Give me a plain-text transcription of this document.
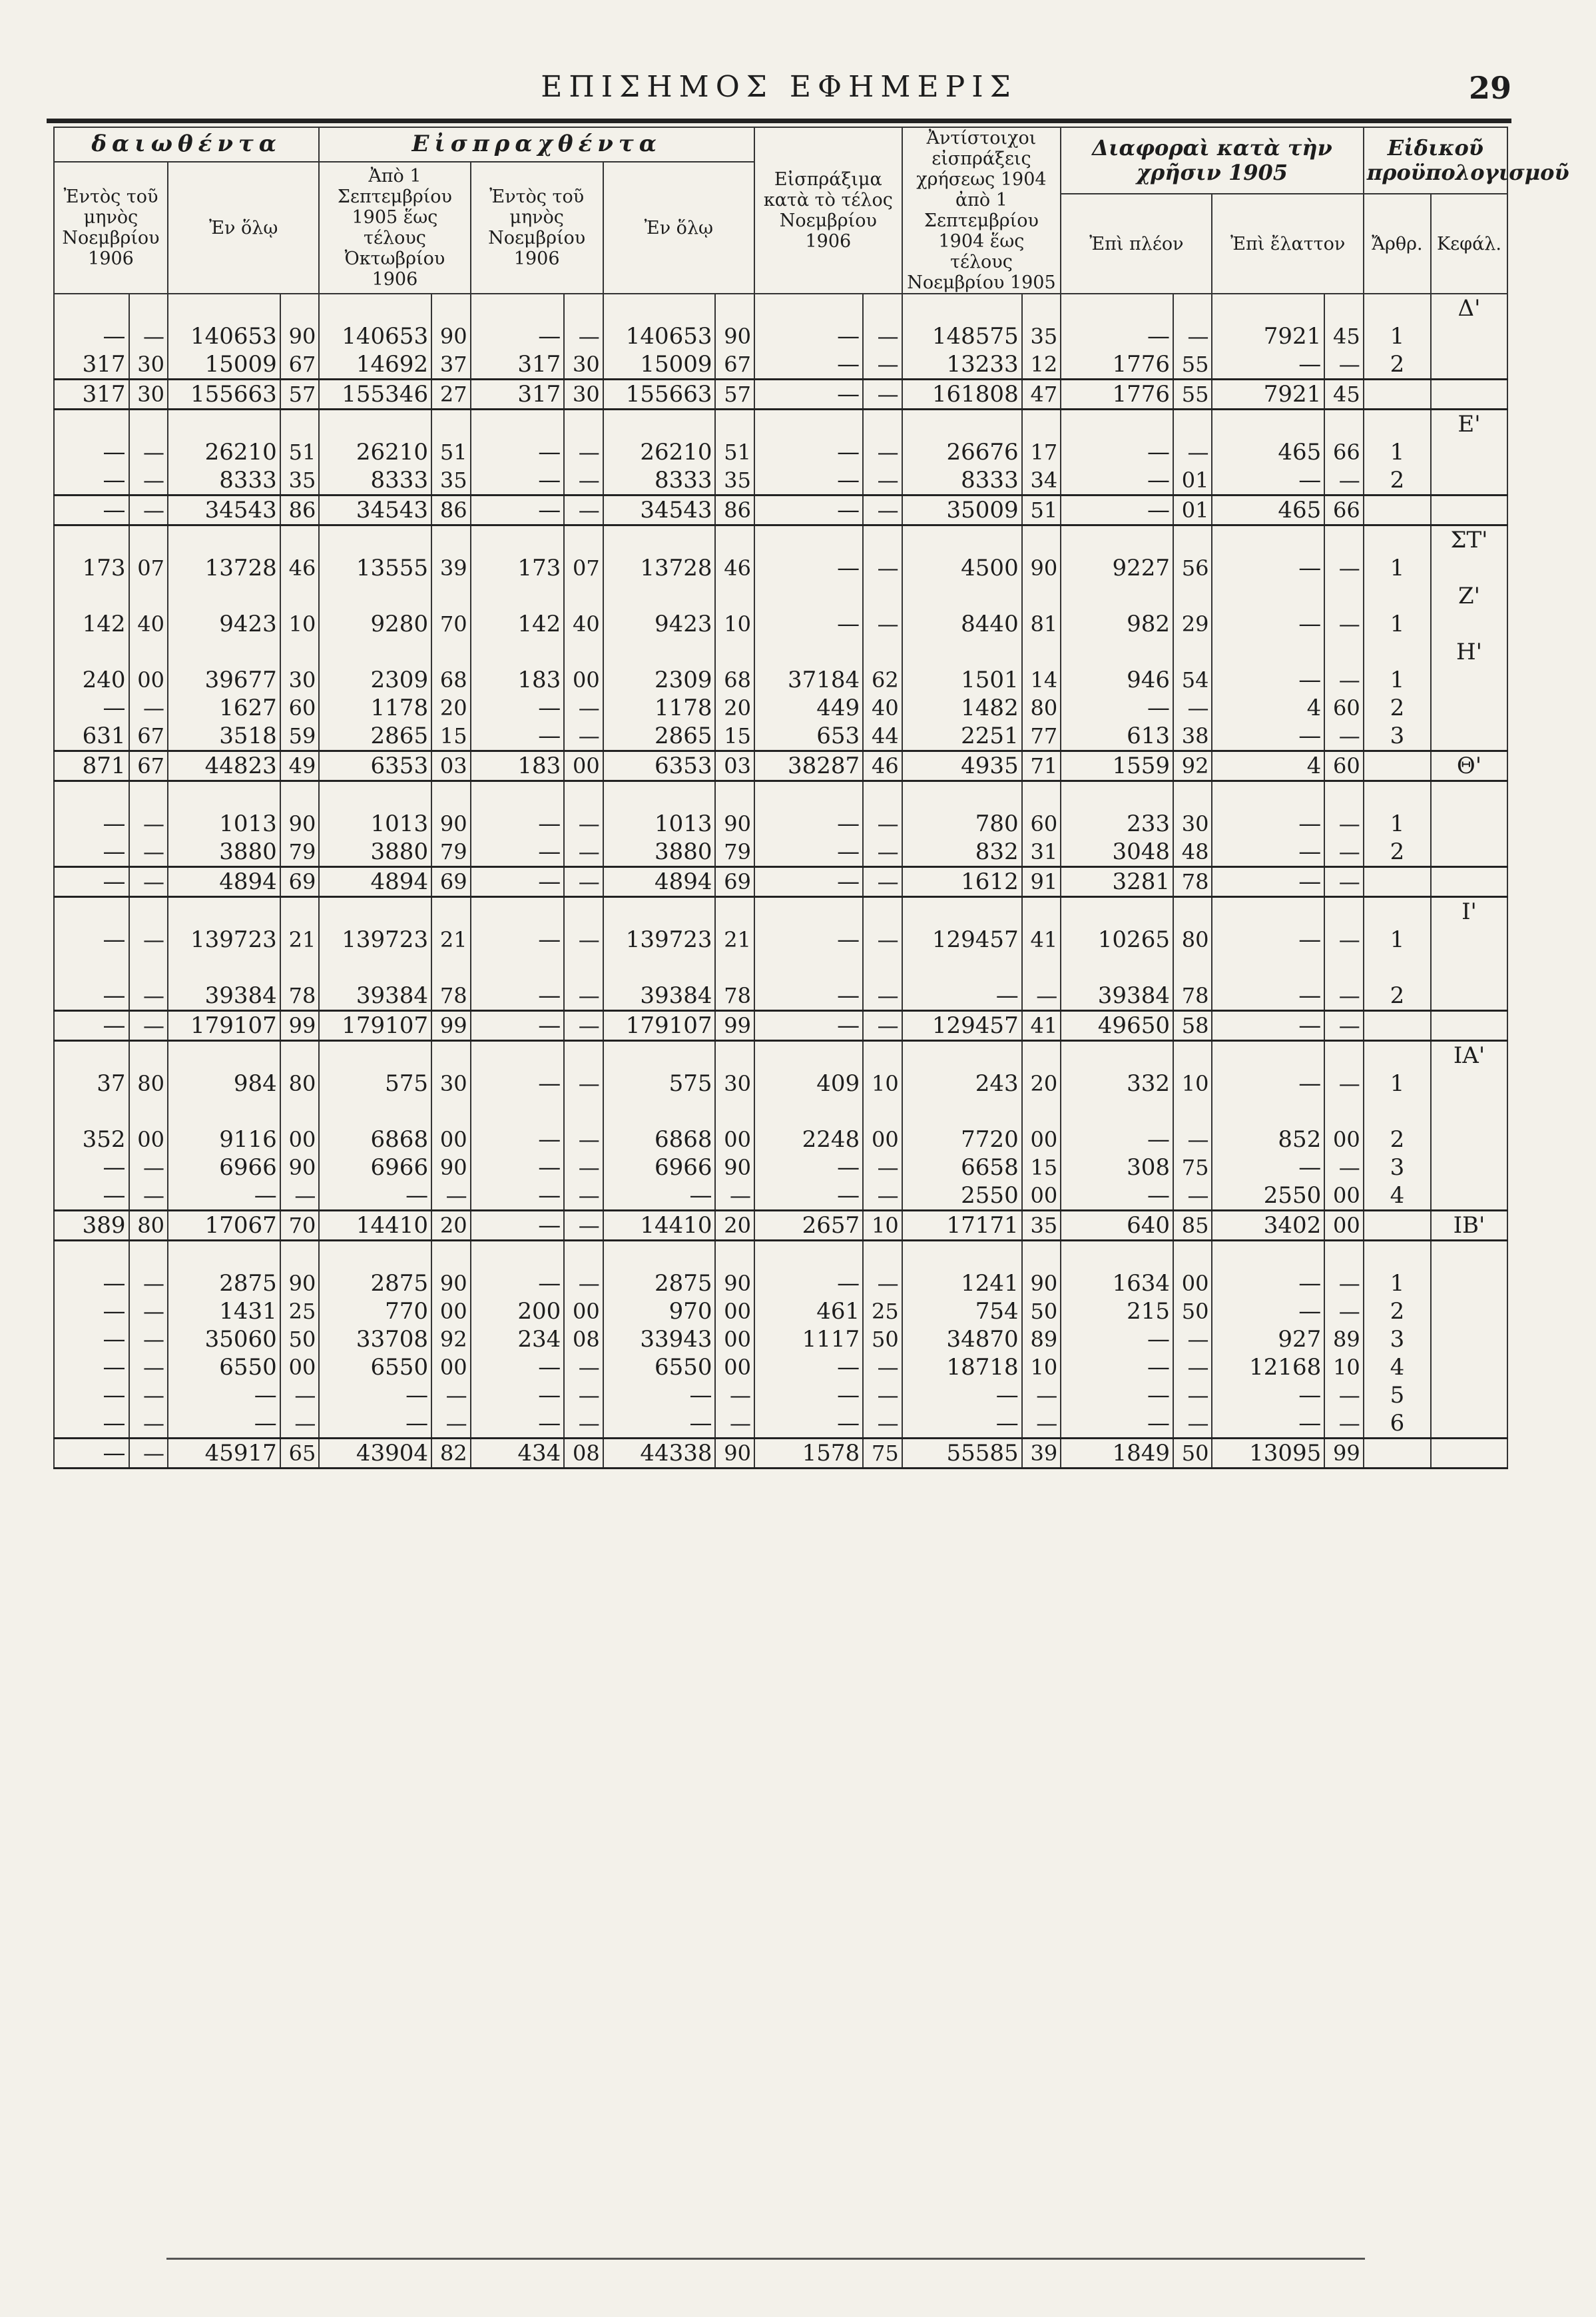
ΕΠΙΣΗΜΟΣ ΕΦΗΜΕΡΙΣ	29
δαιωθέντα				Εἰσπραχθέντα						Εἰσπράξιμα κατὰ τὸ τέλος Νοεμβρίου 1906		Ἀντίστοιχοι εἰσπράξεις χρήσεως 1904 ἀπὸ 1 Σεπτεμβρίου 1904 ἕως τέλους Νοεμβρίου 1905		Διαφοραὶ κατὰ τὴν χρῆσιν 1905				Εἰδικοῦ προϋπολογισμοῦ	
Ἐντὸς τοῦ μηνὸς Νοεμβρίου 1906		Ἐν ὅλῳ		Ἀπὸ 1 Σεπτεμβρίου 1905 ἕως τέλους Ὀκτωβρίου 1906		Ἐντὸς τοῦ μηνὸς Νοεμβρίου 1906		Ἐν ὅλῳ											
														Ἐπὶ πλέον		Ἐπὶ ἔλαττον		Ἄρθρ.	Κεφάλ.
																			Δ'
—	—	140653	90	140653	90	—	—	140653	90	—	—	148575	35	—	—	7921	45	1	
317	30	15009	67	14692	37	317	30	15009	67	—	—	13233	12	1776	55	—	—	2	
317	30	155663	57	155346	27	317	30	155663	57	—	—	161808	47	1776	55	7921	45		
																			Ε'
—	—	26210	51	26210	51	—	—	26210	51	—	—	26676	17	—	—	465	66	1	
—	—	8333	35	8333	35	—	—	8333	35	—	—	8333	34	—	01	—	—	2	
—	—	34543	86	34543	86	—	—	34543	86	—	—	35009	51	—	01	465	66		
																			ΣΤ'
173	07	13728	46	13555	39	173	07	13728	46	—	—	4500	90	9227	56	—	—	1	
																			Ζ'
142	40	9423	10	9280	70	142	40	9423	10	—	—	8440	81	982	29	—	—	1	
																			Η'
240	00	39677	30	2309	68	183	00	2309	68	37184	62	1501	14	946	54	—	—	1	
—	—	1627	60	1178	20	—	—	1178	20	449	40	1482	80	—	—	4	60	2	
631	67	3518	59	2865	15	—	—	2865	15	653	44	2251	77	613	38	—	—	3	
871	67	44823	49	6353	03	183	00	6353	03	38287	46	4935	71	1559	92	4	60		Θ'

—	—	1013	90	1013	90	—	—	1013	90	—	—	780	60	233	30	—	—	1	
—	—	3880	79	3880	79	—	—	3880	79	—	—	832	31	3048	48	—	—	2	
—	—	4894	69	4894	69	—	—	4894	69	—	—	1612	91	3281	78	—	—		
																			Ι'
—	—	139723	21	139723	21	—	—	139723	21	—	—	129457	41	10265	80	—	—	1	

—	—	39384	78	39384	78	—	—	39384	78	—	—	—	—	39384	78	—	—	2	
—	—	179107	99	179107	99	—	—	179107	99	—	—	129457	41	49650	58	—	—		
																			ΙΑ'
37	80	984	80	575	30	—	—	575	30	409	10	243	20	332	10	—	—	1	

352	00	9116	00	6868	00	—	—	6868	00	2248	00	7720	00	—	—	852	00	2	
—	—	6966	90	6966	90	—	—	6966	90	—	—	6658	15	308	75	—	—	3	
—	—	—	—	—	—	—	—	—	—	—	—	2550	00	—	—	2550	00	4	
389	80	17067	70	14410	20	—	—	14410	20	2657	10	17171	35	640	85	3402	00		ΙΒ'

—	—	2875	90	2875	90	—	—	2875	90	—	—	1241	90	1634	00	—	—	1	
—	—	1431	25	770	00	200	00	970	00	461	25	754	50	215	50	—	—	2	
—	—	35060	50	33708	92	234	08	33943	00	1117	50	34870	89	—	—	927	89	3	
—	—	6550	00	6550	00	—	—	6550	00	—	—	18718	10	—	—	12168	10	4	
—	—	—	—	—	—	—	—	—	—	—	—	—	—	—	—	—	—	5	
—	—	—	—	—	—	—	—	—	—	—	—	—	—	—	—	—	—	6	
—	—	45917	65	43904	82	434	08	44338	90	1578	75	55585	39	1849	50	13095	99		
